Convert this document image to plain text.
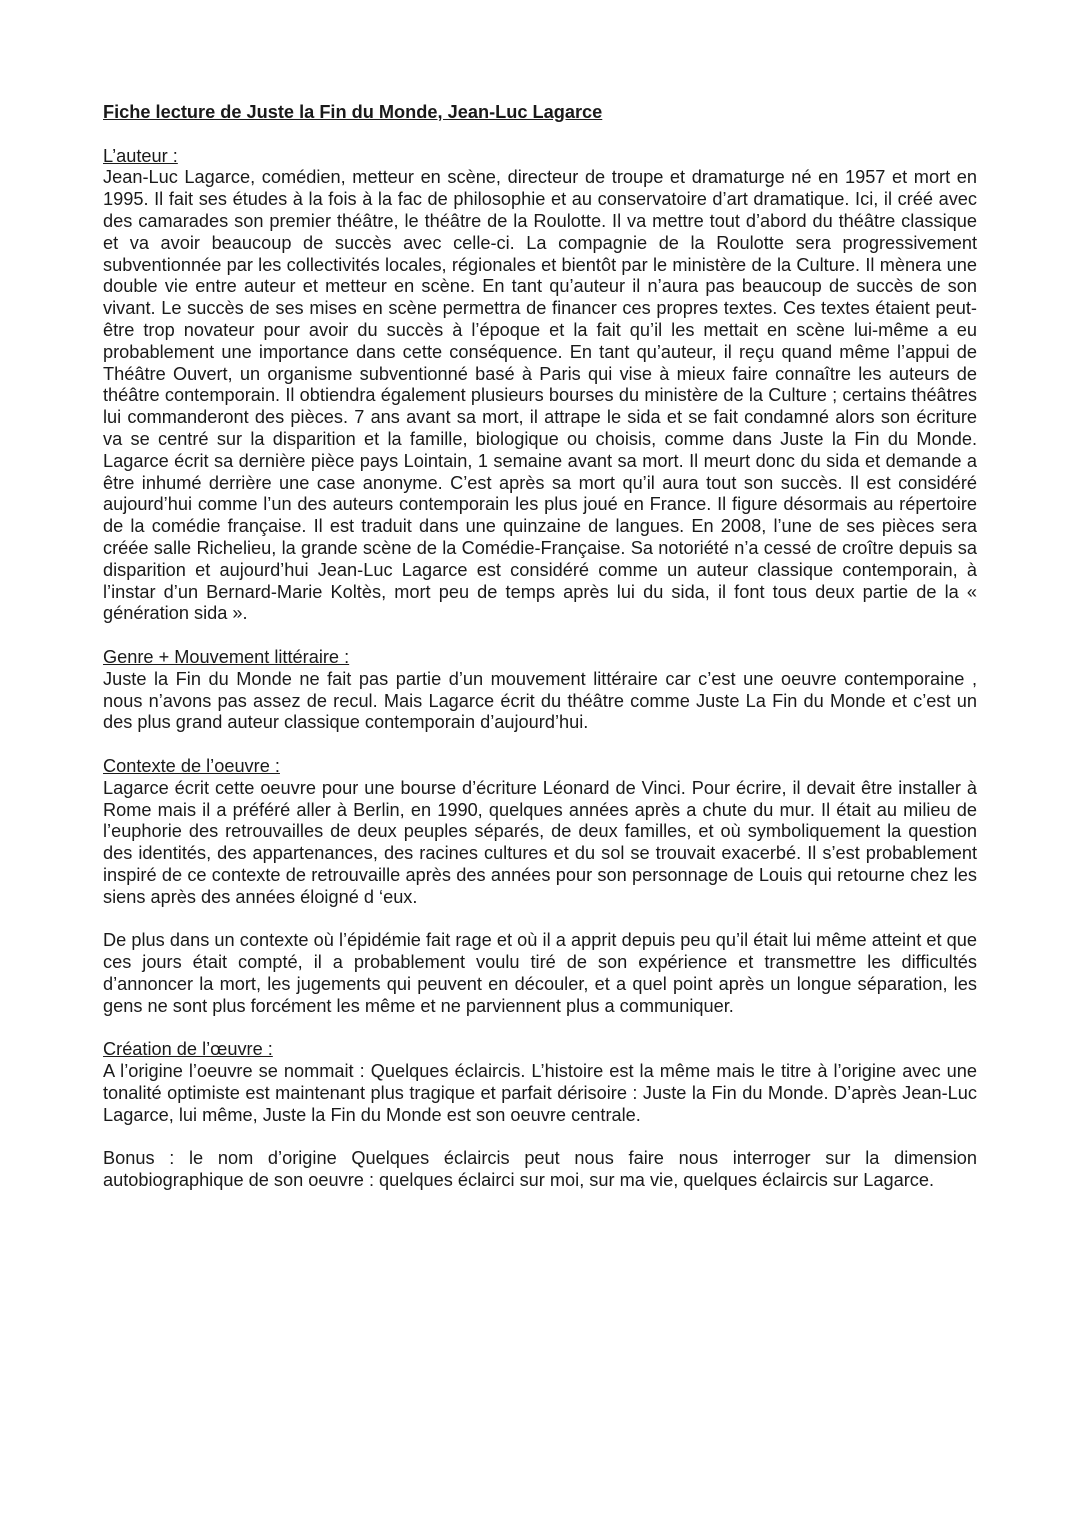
Fiche lecture de Juste la Fin du Monde, Jean-Luc Lagarce
L’auteur :

Jean-Luc Lagarce, comédien, metteur en scène, directeur de troupe et dramaturge né en 1957 et mort en 1995. Il fait ses études à la fois à la fac de philosophie et au conservatoire d’art dramatique. Ici, il créé avec des camarades son premier théâtre, le théâtre de la Roulotte. Il va mettre tout d’abord du théâtre classique et va avoir beaucoup de succès avec celle-ci. La compagnie de la Roulotte sera progressivement subventionnée par les collectivités locales, régionales et bientôt par le ministère de la Culture. Il mènera une double vie entre auteur et metteur en scène. En tant qu’auteur il n’aura pas beaucoup de succès de son vivant. Le succès de ses mises en scène permettra de financer ces propres textes. Ces textes étaient peut-être trop novateur pour avoir du succès à l’époque et la fait qu’il les mettait en scène lui-même a eu probablement une importance dans cette conséquence. En tant qu’auteur, il reçu quand même l’appui de Théâtre Ouvert, un organisme subventionné basé à Paris qui vise à mieux faire connaître les auteurs de théâtre contemporain. Il obtiendra également plusieurs bourses du ministère de la Culture ; certains théâtres lui commanderont des pièces. 7 ans avant sa mort, il attrape le sida et se fait condamné alors son écriture va se centré sur la disparition et la famille, biologique ou choisis, comme dans Juste la Fin du Monde. Lagarce écrit sa dernière pièce pays Lointain, 1 semaine avant sa mort. Il meurt donc du sida et demande a être inhumé derrière une case anonyme. C’est après sa mort qu’il aura tout son succès. Il est considéré aujourd’hui comme l’un des auteurs contemporain les plus joué en France. Il figure désormais au répertoire de la comédie française. Il est traduit dans une quinzaine de langues. En 2008, l’une de ses pièces sera créée salle Richelieu, la grande scène de la Comédie-Française. Sa notoriété n’a cessé de croître depuis sa disparition et aujourd’hui Jean-Luc Lagarce est considéré comme un auteur classique contemporain, à l’instar d’un Bernard-Marie Koltès, mort peu de temps après lui du sida, il font tous deux partie de la « génération sida ».

Genre + Mouvement littéraire :

Juste la Fin du Monde ne fait pas partie d’un mouvement littéraire car c’est une oeuvre contemporaine , nous n’avons pas assez de recul. Mais Lagarce écrit du théâtre comme Juste La Fin du Monde et c’est un des plus grand auteur classique contemporain d’aujourd’hui.

Contexte de l’oeuvre :

Lagarce écrit cette oeuvre pour une bourse d’écriture Léonard de Vinci. Pour écrire, il devait être installer à Rome mais il a préféré aller à Berlin, en 1990, quelques années après a chute du mur. Il était au milieu de l’euphorie des retrouvailles de deux peuples séparés, de deux familles, et où symboliquement la question des identités, des appartenances, des racines cultures et du sol se trouvait exacerbé. Il s’est probablement inspiré de ce contexte de retrouvaille après des années pour son personnage de Louis qui retourne chez les siens après des années éloigné d ‘eux.

De plus dans un contexte où l’épidémie fait rage et où il a apprit depuis peu qu’il était lui même atteint et que ces jours était compté, il a probablement voulu tiré de son expérience et transmettre les difficultés d’annoncer la mort, les jugements qui peuvent en découler, et a quel point après un longue séparation, les gens ne sont plus forcément les même et ne parviennent plus a communiquer.

Création de l’œuvre :

A l’origine l’oeuvre se nommait : Quelques éclaircis. L’histoire est la même mais le titre à l’origine avec une tonalité optimiste est maintenant plus tragique et parfait dérisoire : Juste la Fin du Monde. D’après Jean-Luc Lagarce, lui même, Juste la Fin du Monde est son oeuvre centrale.

Bonus : le nom d’origine Quelques éclaircis peut nous faire nous interroger sur la dimension autobiographique de son oeuvre : quelques éclairci sur moi, sur ma vie, quelques éclaircis sur Lagarce.
